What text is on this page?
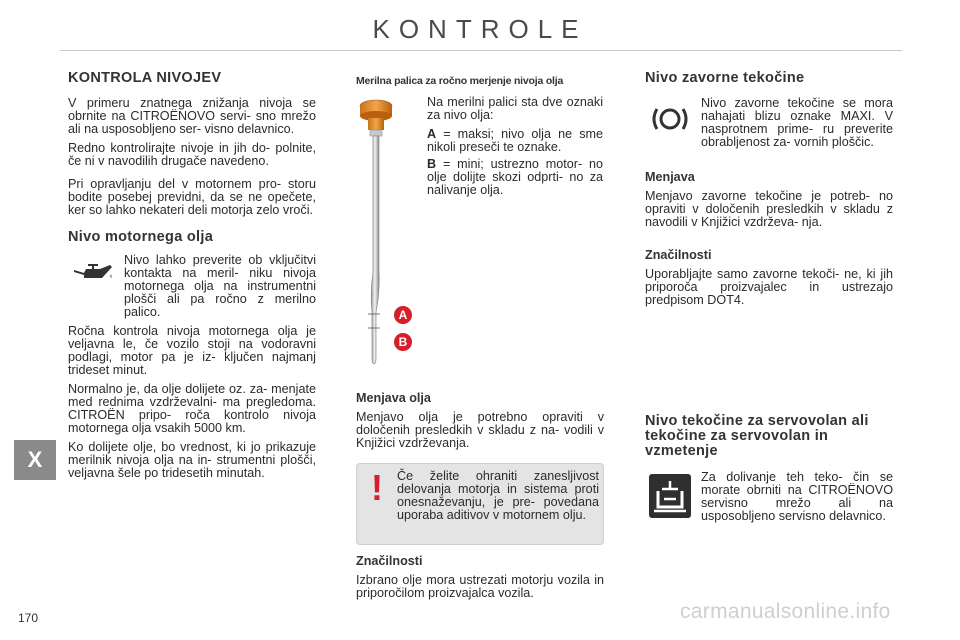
KONTROLE
KONTROLA NIVOJEV

V primeru znatnega znižanja nivoja se obrnite na CITROËNOVO servi- sno mrežo ali na usposobljeno ser- visno delavnico.

Redno kontrolirajte nivoje in jih do- polnite, če ni v navodilih drugače navedeno.

Pri opravljanju del v motornem pro- storu bodite posebej previdni, da se ne opečete, ker so lahko nekateri deli motorja zelo vroči.

Nivo motornega olja

Nivo lahko preverite ob vključitvi kontakta na meril- niku nivoja motornega olja na instrumentni plošči ali pa ročno z merilno palico.

Ročna kontrola nivoja motornega olja je veljavna le, če vozilo stoji na vodoravni podlagi, motor pa je iz- ključen najmanj trideset minut.

Normalno je, da olje dolijete oz. za- menjate med rednima vzdrževalni- ma pregledoma. CITROËN pripo- roča kontrolo nivoja motornega olja vsakih 5000 km.

Ko dolijete olje, bo vrednost, ki jo prikazuje merilnik nivoja olja na in- strumentni plošči, veljavna šele po tridesetih minutah.

Merilna palica za ročno merjenje nivoja olja
A
B

Na merilni palici sta dve oznaki za nivo olja:

A = maksi; nivo olja ne sme nikoli preseči te oznake.

B = mini; ustrezno motor- no olje dolijte skozi odprti- no za nalivanje olja.

Menjava olja

Menjavo olja je potrebno opraviti v določenih presledkih v skladu z na- vodili v Knjižici vzdrževanja.

!	Če želite ohraniti zanesljivost delovanja motorja in sistema proti onesnaževanju, je pre- povedana uporaba aditivov v motornem olju.
Značilnosti

Izbrano olje mora ustrezati motorju vozila in priporočilom proizvajalca vozila.

Nivo zavorne tekočine

Nivo zavorne tekočine se mora nahajati blizu oznake MAXI. V nasprotnem prime- ru preverite obrabljenost za- vornih ploščic.

Menjava

Menjavo zavorne tekočine je potreb- no opraviti v določenih presledkih v skladu z navodili v Knjižici vzdrževa- nja.

Značilnosti

Uporabljajte samo zavorne tekoči- ne, ki jih priporoča proizvajalec in ustrezajo predpisom DOT4.

Nivo tekočine za servovolan ali tekočine za servovolan in vzmetenje

Za dolivanje teh teko- čin se morate obrniti na CITROËNOVO servisno mrežo ali na usposobljeno servisno delavnico.

X
170	carmanualsonline.info
